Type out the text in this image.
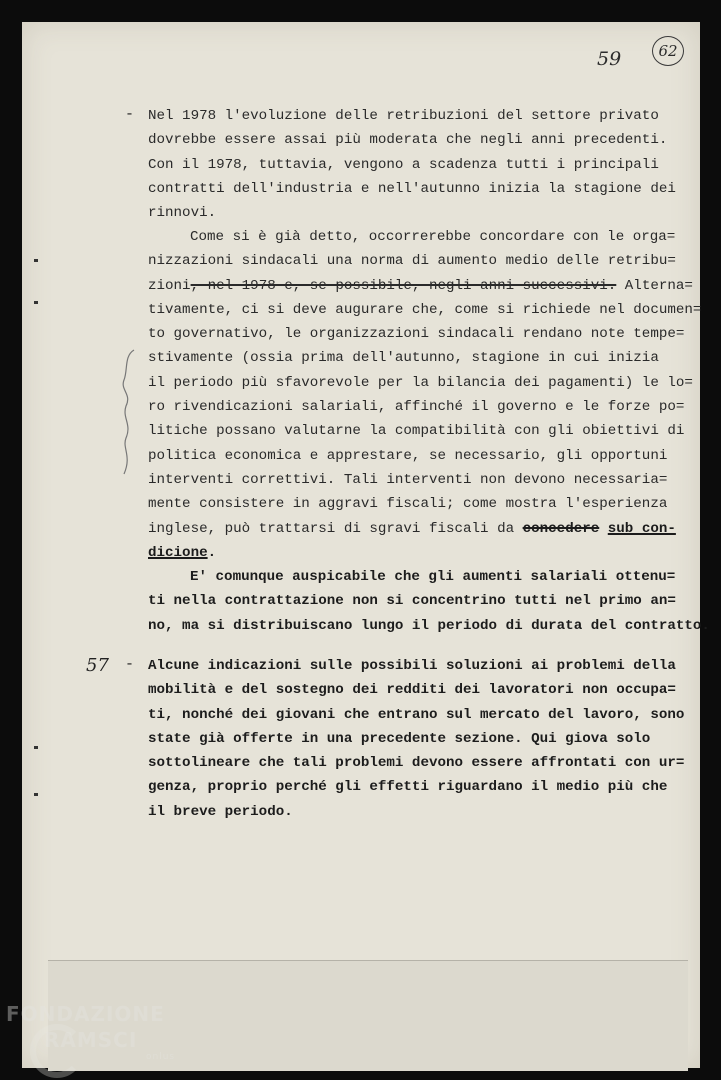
59	62
- Nel 1978 l'evoluzione delle retribuzioni del settore privato
dovrebbe essere assai più moderata che negli anni precedenti.
Con il 1978, tuttavia, vengono a scadenza tutti i principali
contratti dell'industria e nell'autunno inizia la stagione dei
rinnovi.
Come si è già detto, occorrerebbe concordare con le orga=
nizzazioni sindacali una norma di aumento medio delle retribu=
zioni, nel 1978 e, se possibile, negli anni successivi. Alterna=
tivamente, ci si deve augurare che, come si richiede nel documen=
to governativo, le organizzazioni sindacali rendano note tempe=
stivamente (ossia prima dell'autunno, stagione in cui inizia
il periodo più sfavorevole per la bilancia dei pagamenti) le lo=
ro rivendicazioni salariali, affinché il governo e le forze po=
litiche possano valutarne la compatibilità con gli obiettivi di
politica economica e apprestare, se necessario, gli opportuni
interventi correttivi. Tali interventi non devono necessaria=
mente consistere in aggravi fiscali; come mostra l'esperienza
inglese, può trattarsi di sgravi fiscali da concedere sub con-
dicione.
E' comunque auspicabile che gli aumenti salariali ottenu=
ti nella contrattazione non si concentrino tutti nel primo an=
no, ma si distribuiscano lungo il periodo di durata del contratto.
57 - Alcune indicazioni sulle possibili soluzioni ai problemi della
mobilità e del sostegno dei redditi dei lavoratori non occupa=
ti, nonché dei giovani che entrano sul mercato del lavoro, sono
state già offerte in una precedente sezione. Qui giova solo
sottolineare che tali problemi devono essere affrontati con ur=
genza, proprio perché gli effetti riguardano il medio più che
il breve periodo.
FONDAZIONE
RAMSCI
onlus
